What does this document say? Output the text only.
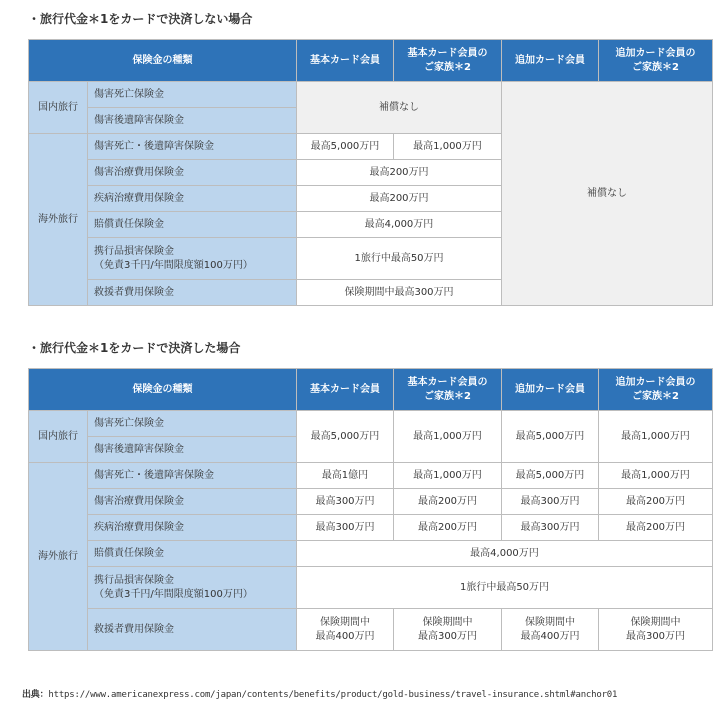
・旅行代金＊1をカードで決済しない場合
保険金の種類		基本カード会員	基本カード会員の
ご家族＊2	追加カード会員	追加カード会員の
ご家族＊2
国内旅行	傷害死亡保険金	補償なし		補償なし	
	傷害後遺障害保険金				
海外旅行	傷害死亡・後遺障害保険金	最高5,000万円	最高1,000万円		
	傷害治療費用保険金	最高200万円			
	疾病治療費用保険金	最高200万円			
	賠償責任保険金	最高4,000万円			
	携行品損害保険金
（免責3千円/年間限度額100万円）	1旅行中最高50万円			
	救援者費用保険金	保険期間中最高300万円			
・旅行代金＊1をカードで決済した場合
保険金の種類		基本カード会員	基本カード会員の
ご家族＊2	追加カード会員	追加カード会員の
ご家族＊2
国内旅行	傷害死亡保険金	最高5,000万円	最高1,000万円	最高5,000万円	最高1,000万円
	傷害後遺障害保険金				
海外旅行	傷害死亡・後遺障害保険金	最高1億円	最高1,000万円	最高5,000万円	最高1,000万円
	傷害治療費用保険金	最高300万円	最高200万円	最高300万円	最高200万円
	疾病治療費用保険金	最高300万円	最高200万円	最高300万円	最高200万円
	賠償責任保険金	最高4,000万円			
	携行品損害保険金
（免責3千円/年間限度額100万円）	1旅行中最高50万円			
	救援者費用保険金	保険期間中
最高400万円	保険期間中
最高300万円	保険期間中
最高400万円	保険期間中
最高300万円
出典：https://www.americanexpress.com/japan/contents/benefits/product/gold-business/travel-insurance.shtml#anchor01
